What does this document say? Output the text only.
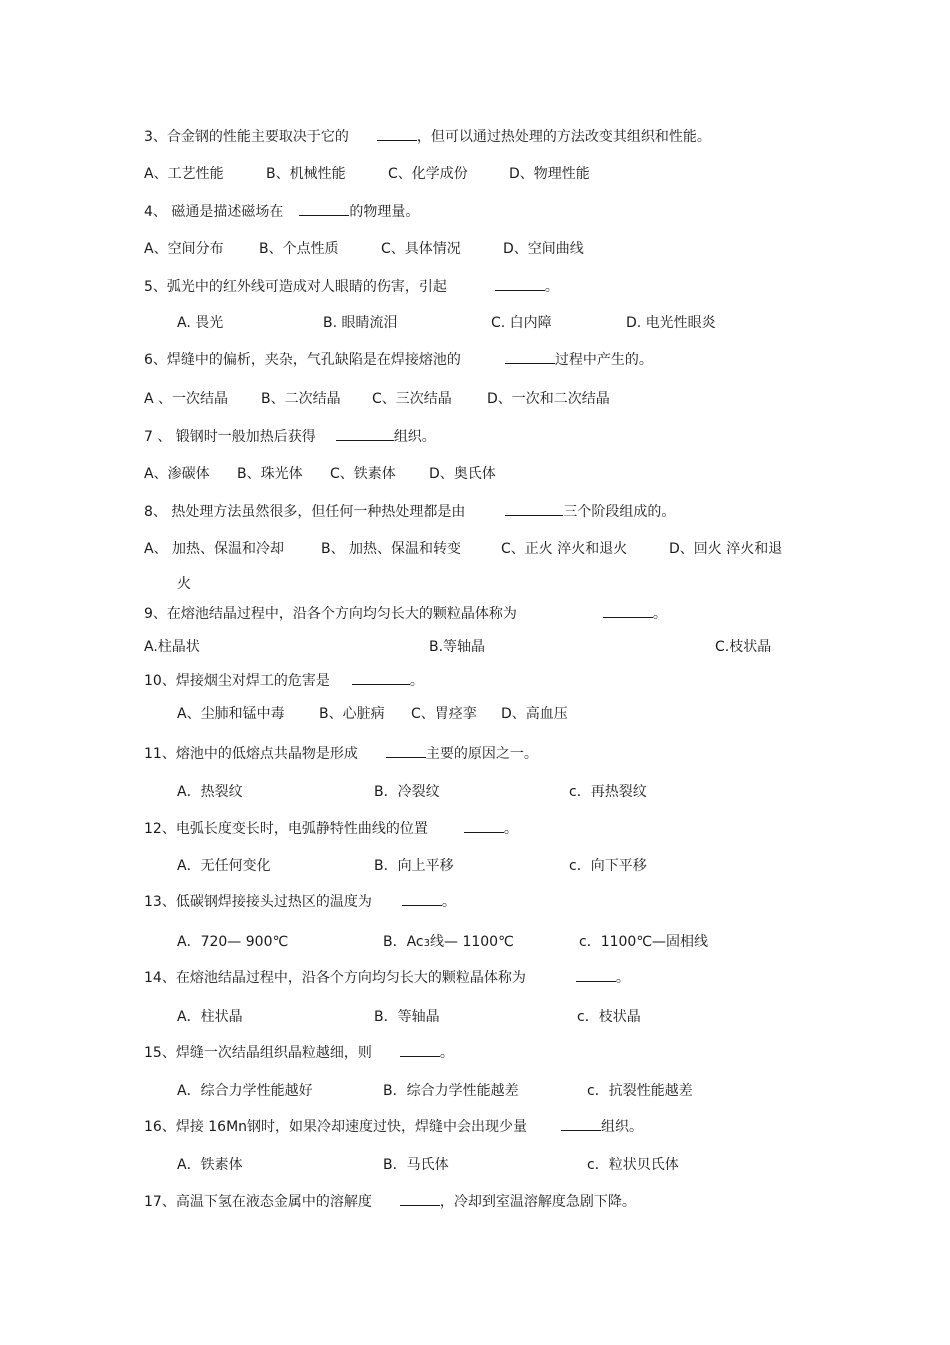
3、合金钢的性能主要取决于它的	，但可以通过热处理的方法改变其组织和性能。
A、工艺性能	B、机械性能	C、化学成份	D、物理性能
4、 磁通是描述磁场在	的物理量。
A、空间分布	B、个点性质	C、具体情况	D、空间曲线
5、弧光中的红外线可造成对人眼睛的伤害，引起	。
A. 畏光	B. 眼睛流泪	C. 白内障	D. 电光性眼炎
6、焊缝中的偏析，夹杂，气孔缺陷是在焊接熔池的	过程中产生的。
A 、一次结晶 B、二次结晶 C、三次结晶	D、一次和二次结晶
7 、 锻钢时一般加热后获得	组织。
A、渗碳体 B、珠光体 C、铁素体 D、奥氏体
8、 热处理方法虽然很多，但任何一种热处理都是由	三个阶段组成的。
A、 加热、保温和冷却	B、 加热、保温和转变	C、正火 淬火和退火	D、回火 淬火和退
火
9、在熔池结晶过程中，沿各个方向均匀长大的颗粒晶体称为	。
A.柱晶状	B.等轴晶	C.枝状晶
10、焊接烟尘对焊工的危害是	。
A、尘肺和锰中毒 B、心脏病 C、胃痉挛 D、高血压
11、熔池中的低熔点共晶物是形成	主要的原因之一。
A．热裂纹	B．冷裂纹	c．再热裂纹
12、电弧长度变长时，电弧静特性曲线的位置	。
A．无任何变化	B．向上平移	c．向下平移
13、低碳钢焊接接头过热区的温度为	。
A．720— 900℃	B．Ac3线— 1100℃	c．1100℃—固相线
14、在熔池结晶过程中，沿各个方向均匀长大的颗粒晶体称为	。
A．柱状晶	B．等轴晶	c．枝状晶
15、焊缝一次结晶组织晶粒越细，则	。
A．综合力学性能越好	B．综合力学性能越差	c．抗裂性能越差
16、焊接 16Mn钢时，如果冷却速度过快，焊缝中会出现少量	组织。
A．铁素体	B．马氏体	c．粒状贝氏体
17、高温下氢在液态金属中的溶解度	，冷却到室温溶解度急剧下降。
